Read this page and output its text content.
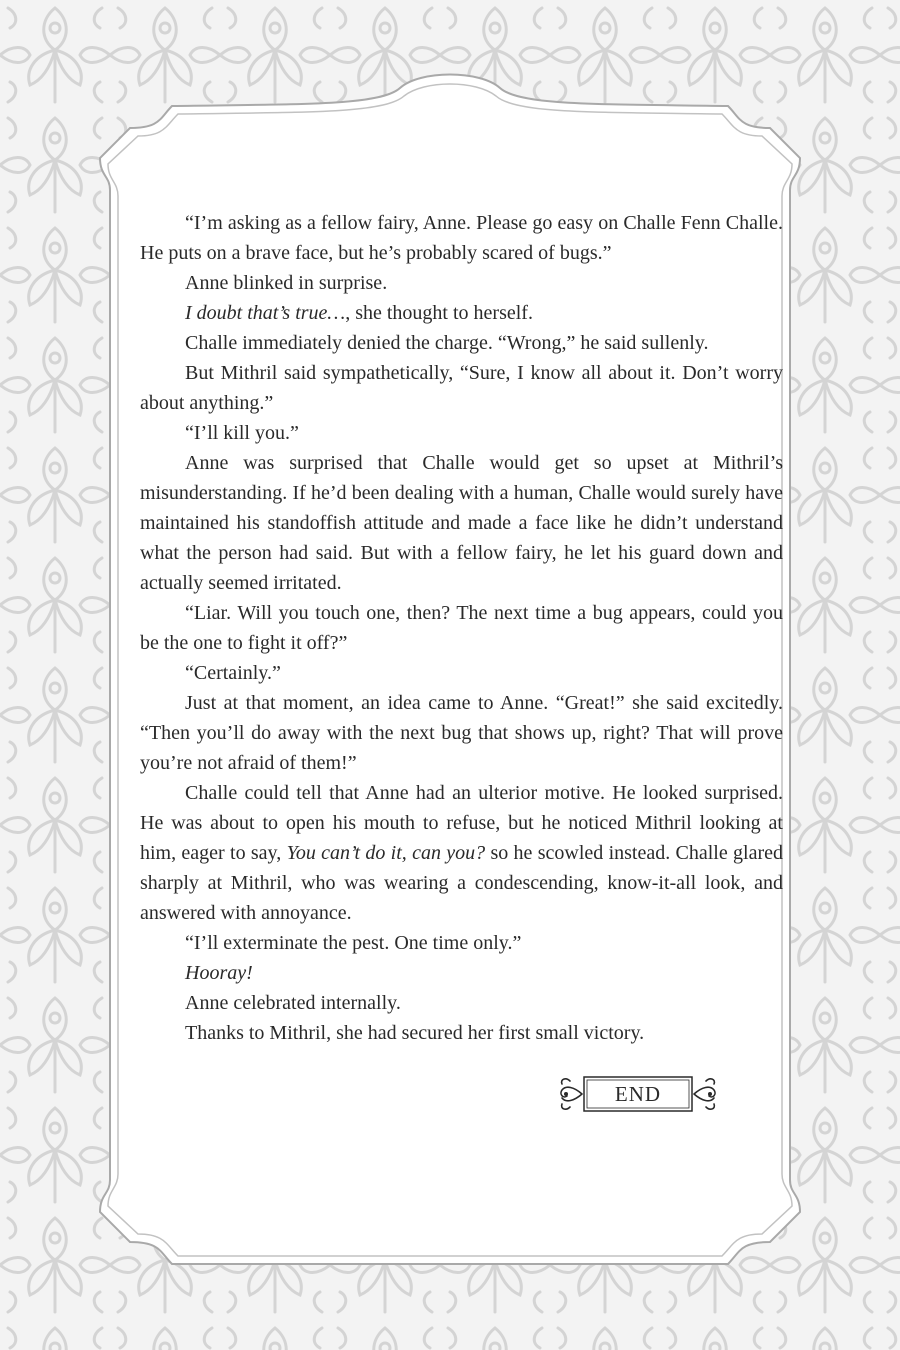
“I’m asking as a fellow fairy, Anne. Please go easy on Challe Fenn Challe. He puts on a brave face, but he’s probably scared of bugs.”

Anne blinked in surprise.

I doubt that’s true…, she thought to herself.

Challe immediately denied the charge. “Wrong,” he said sullenly.

But Mithril said sympathetically, “Sure, I know all about it. Don’t worry about anything.”

“I’ll kill you.”

Anne was surprised that Challe would get so upset at Mithril’s misunderstanding. If he’d been dealing with a human, Challe would surely have maintained his standoffish attitude and made a face like he didn’t understand what the person had said. But with a fellow fairy, he let his guard down and actually seemed irritated.

“Liar. Will you touch one, then? The next time a bug appears, could you be the one to fight it off?”

“Certainly.”

Just at that moment, an idea came to Anne. “Great!” she said excitedly. “Then you’ll do away with the next bug that shows up, right? That will prove you’re not afraid of them!”

Challe could tell that Anne had an ulterior motive. He looked surprised. He was about to open his mouth to refuse, but he noticed Mithril looking at him, eager to say, You can’t do it, can you? so he scowled instead. Challe glared sharply at Mithril, who was wearing a condescending, know-it-all look, and answered with annoyance.

“I’ll exterminate the pest. One time only.”

Hooray!

Anne celebrated internally.

Thanks to Mithril, she had secured her first small victory.

END
